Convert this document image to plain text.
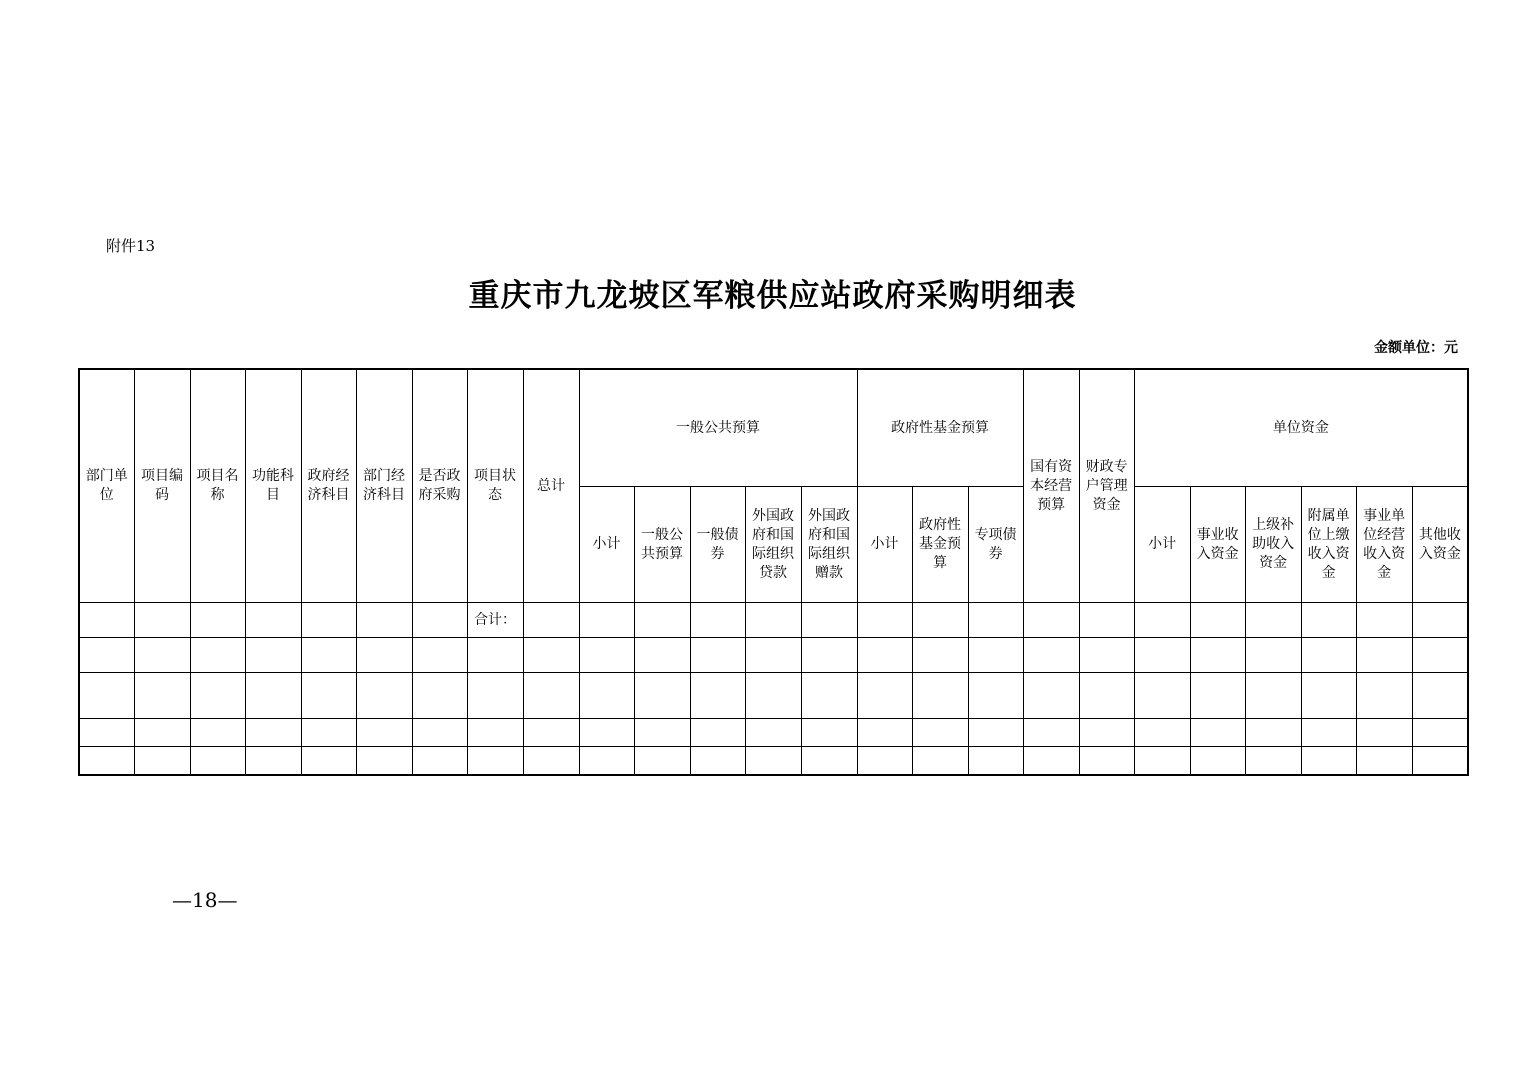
附件13
重庆市九龙坡区军粮供应站政府采购明细表
金额单位：元
部门单位	项目编码	项目名称	功能科目	政府经济科目	部门经济科目	是否政府采购	项目状态	总计	一般公共预算					政府性基金预算			国有资本经营预算	财政专户管理资金	单位资金					
									小计	一般公共预算	一般债券	外国政府和国际组织贷款	外国政府和国际组织赠款	小计	政府性基金预算	专项债券			小计	事业收入资金	上级补助收入资金	附属单位上缴收入资金	事业单位经营收入资金	其他收入资金
							合计：																	

—18—
